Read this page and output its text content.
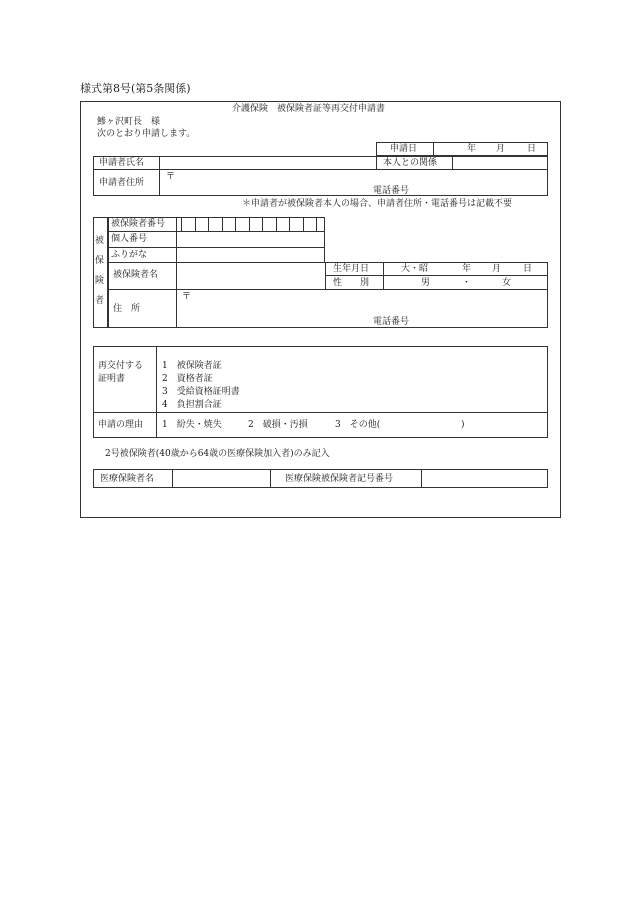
様式第8号(第5条関係)
介護保険　被保険者証等再交付申請書
鯵ヶ沢町長　様
次のとおり申請します。
申請日	年 月 日
申請者氏名	本人との関係
申請者住所
〒
電話番号
＊申請者が被保険者本人の場合、申請者住所・電話番号は記載不要
被
保
険
者
被保険者番号
個人番号
ふりがな
被保険者名
生年月日	大・昭	年 月 日
性　　別	男	・	女
住　所
〒
電話番号
再交付する
証明書
1　被保険者証
2　資格者証
3　受給資格証明書
4　負担割合証
申請の理由 1　紛失・焼失	2　破損・汚損	3　その他(	)
2号被保険者(40歳から64歳の医療保険加入者)のみ記入
医療保険者名	医療保険被保険者記号番号
